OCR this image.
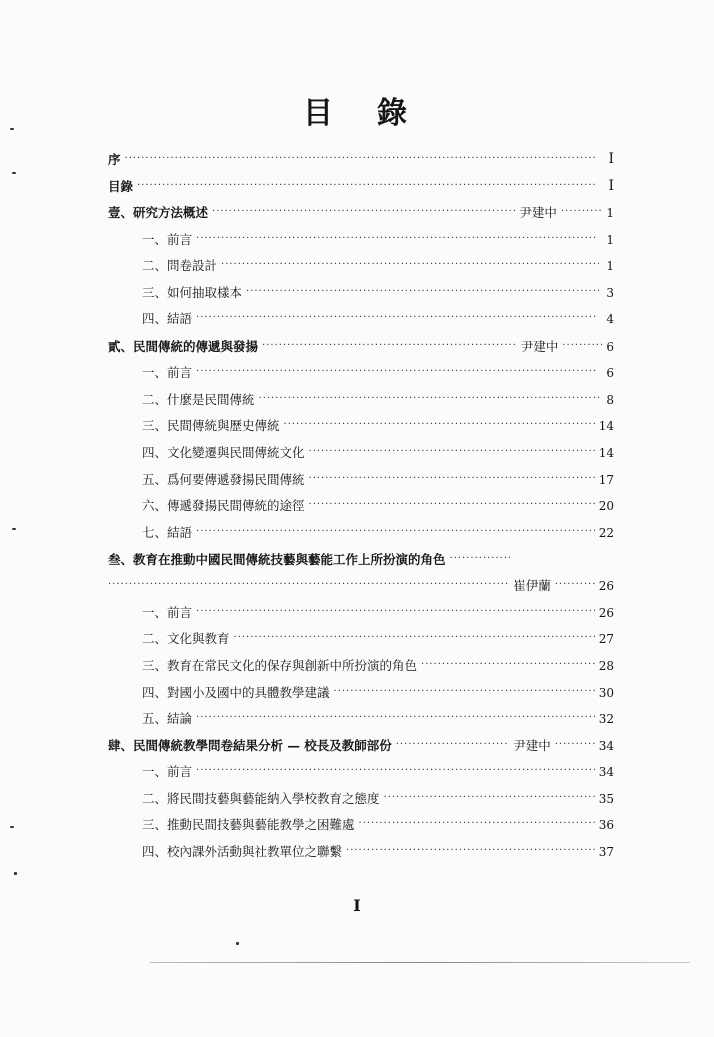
目 錄
序 ·····	I
目錄 ·····	I
壹、研究方法概述 ·····	尹建中 ·····	1
一、前言 ·····	1
二、問卷設計 ·····	1
三、如何抽取樣本 ·····	3
四、結語 ·····	4
貳、民間傳統的傳遞與發揚 ·····	尹建中 ·····	6
一、前言 ·····	6
二、什麼是民間傳統 ·····	8
三、民間傳統與歷史傳統 ·····	14
四、文化變遷與民間傳統文化 ·····	14
五、爲何要傳遞發揚民間傳統 ·····	17
六、傳遞發揚民間傳統的途徑 ·····	20
七、結語 ·····	22
叁、教育在推動中國民間傳統技藝與藝能工作上所扮演的角色
·····
·····
崔伊蘭 ·····	26
一、前言 ·····	26
二、文化與教育 ·····	27
三、教育在常民文化的保存與創新中所扮演的角色 ·····	28
四、對國小及國中的具體教學建議 ·····	30
五、結論 ·····	32
肆、民間傳統教學問卷結果分析 — 校長及教師部份 ·····	尹建中 ·····	34
一、前言 ·····	34
二、將民間技藝與藝能納入學校教育之態度 ·····	35
三、推動民間技藝與藝能教學之困難處 ·····	36
四、校內課外活動與社教單位之聯繫 ·····	37
I
